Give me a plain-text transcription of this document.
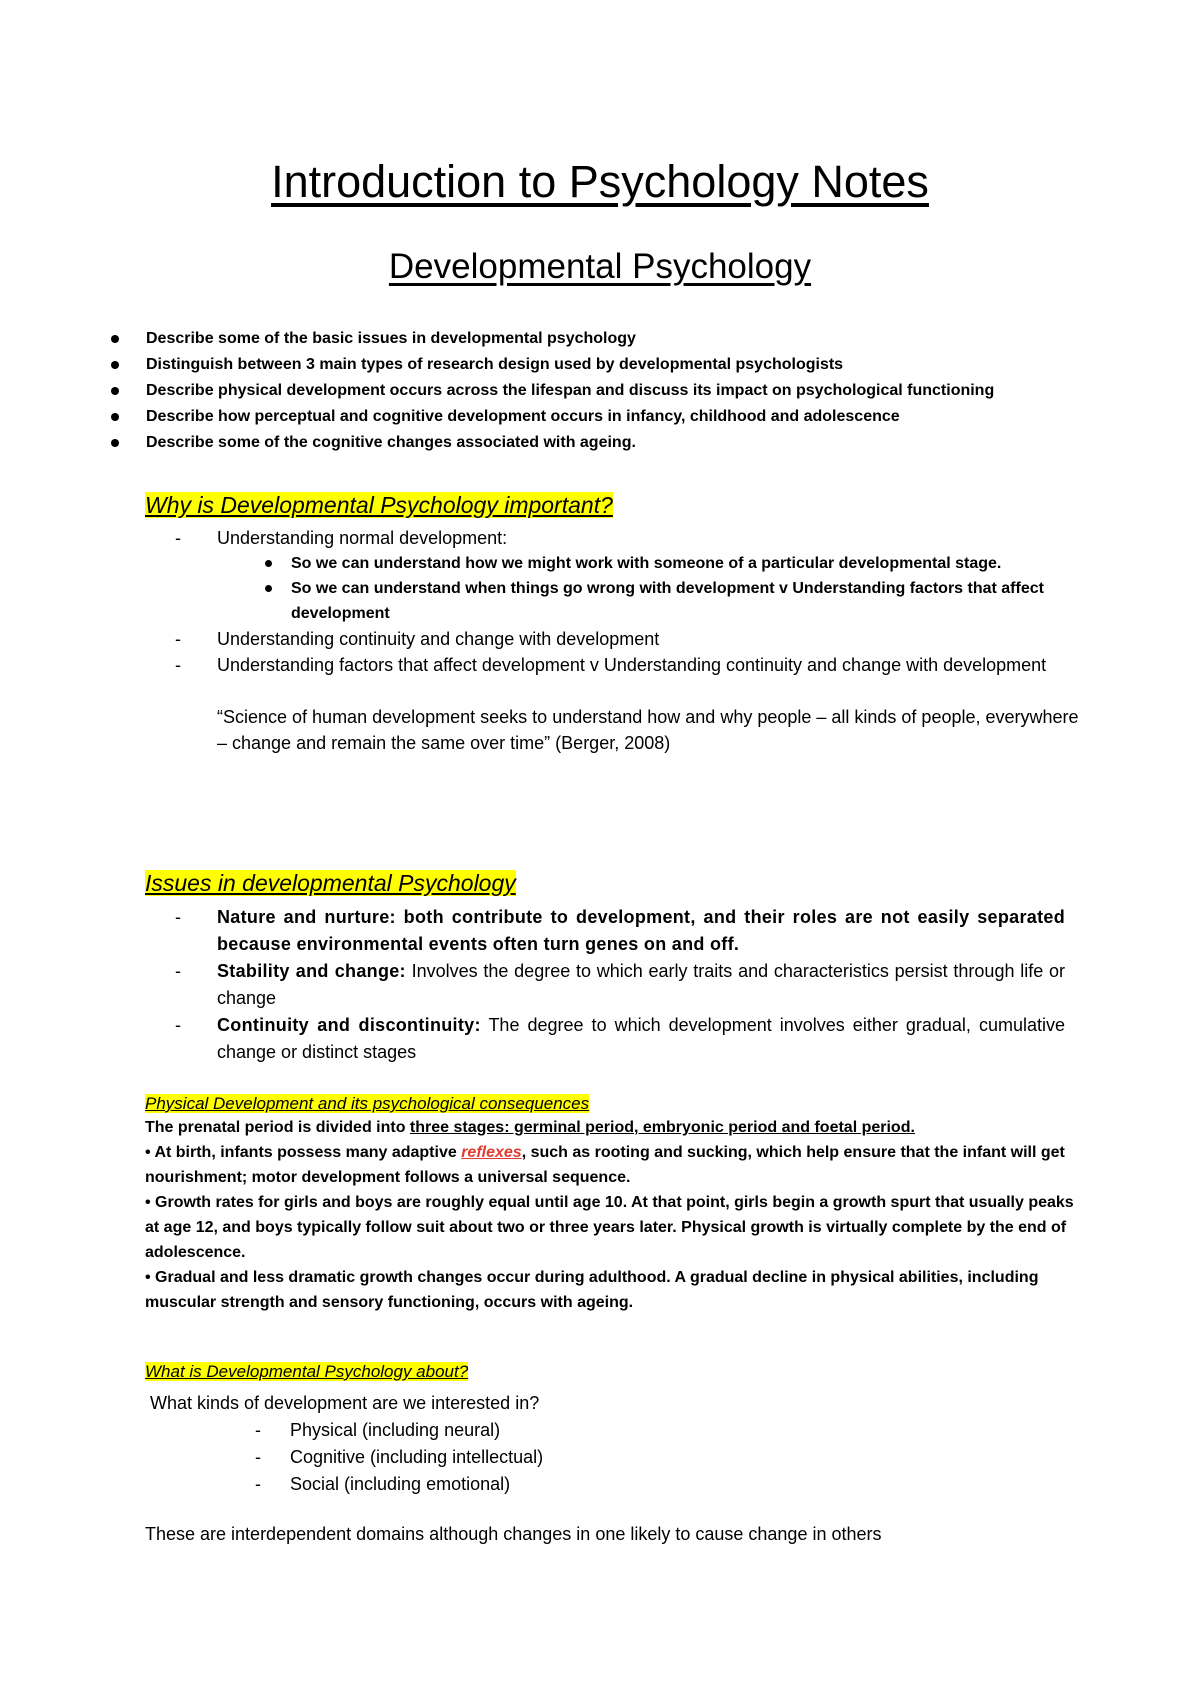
Introduction to Psychology Notes
Developmental Psychology
Describe some of the basic issues in developmental psychology
Distinguish between 3 main types of research design used by developmental psychologists
Describe physical development occurs across the lifespan and discuss its impact on psychological functioning
Describe how perceptual and cognitive development occurs in infancy, childhood and adolescence
Describe some of the cognitive changes associated with ageing.
Why is Developmental Psychology important?
- Understanding normal development:
So we can understand how we might work with someone of a particular developmental stage.
So we can understand when things go wrong with development v Understanding factors that affect development
- Understanding continuity and change with development
- Understanding factors that affect development v Understanding continuity and change with development
“Science of human development seeks to understand how and why people – all kinds of people, everywhere – change and remain the same over time” (Berger, 2008)
Issues in developmental Psychology
- Nature and nurture: both contribute to development, and their roles are not easily separated because environmental events often turn genes on and off.
- Stability and change: Involves the degree to which early traits and characteristics persist through life or change
- Continuity and discontinuity: The degree to which development involves either gradual, cumulative change or distinct stages
Physical Development and its psychological consequences
The prenatal period is divided into three stages: germinal period, embryonic period and foetal period.
• At birth, infants possess many adaptive reflexes, such as rooting and sucking, which help ensure that the infant will get nourishment; motor development follows a universal sequence.
• Growth rates for girls and boys are roughly equal until age 10. At that point, girls begin a growth spurt that usually peaks at age 12, and boys typically follow suit about two or three years later. Physical growth is virtually complete by the end of adolescence.
• Gradual and less dramatic growth changes occur during adulthood. A gradual decline in physical abilities, including muscular strength and sensory functioning, occurs with ageing.
What is Developmental Psychology about?
What kinds of development are we interested in?
- Physical (including neural)
- Cognitive (including intellectual)
- Social (including emotional)
These are interdependent domains although changes in one likely to cause change in others
